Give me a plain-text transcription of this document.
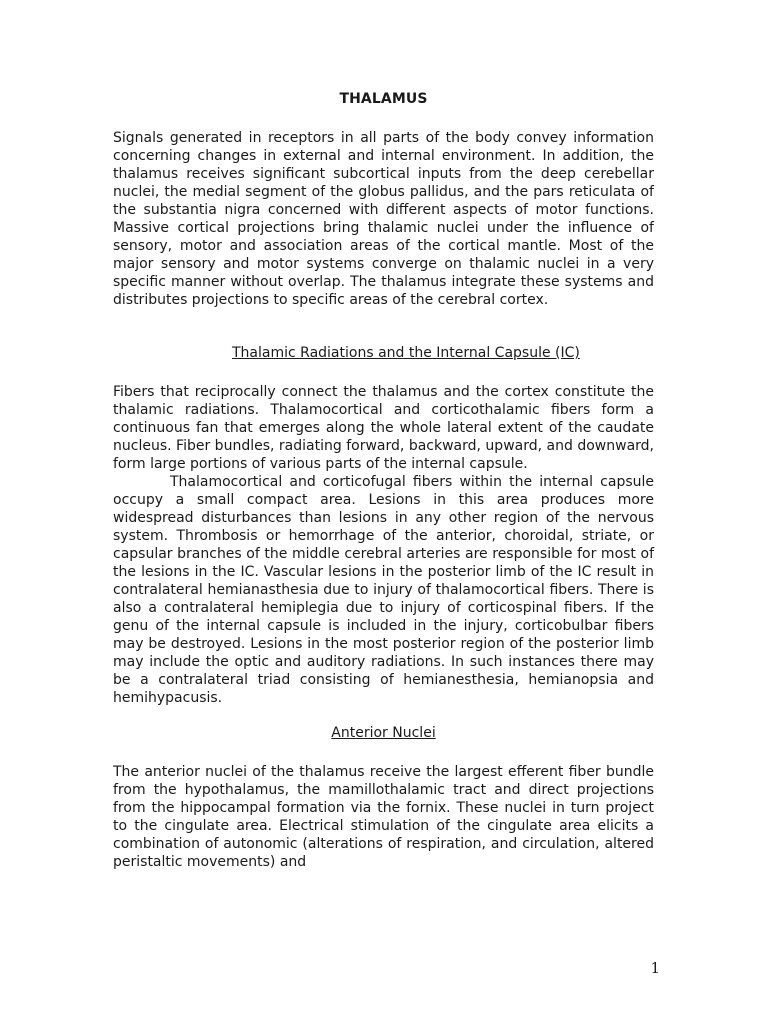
THALAMUS

Signals generated in receptors in all parts of the body convey information concerning changes in external and internal environment. In addition, the thalamus receives significant subcortical inputs from the deep cerebellar nuclei, the medial segment of the globus pallidus, and the pars reticulata of the substantia nigra concerned with different aspects of motor functions. Massive cortical projections bring thalamic nuclei under the influence of sensory, motor and association areas of the cortical mantle. Most of the major sensory and motor systems converge on thalamic nuclei in a very specific manner without overlap. The thalamus integrate these systems and distributes projections to specific areas of the cerebral cortex.

Thalamic Radiations and the Internal Capsule (IC)

Fibers that reciprocally connect the thalamus and the cortex constitute the thalamic radiations. Thalamocortical and corticothalamic fibers form a continuous fan that emerges along the whole lateral extent of the caudate nucleus. Fiber bundles, radiating forward, backward, upward, and downward, form large portions of various parts of the internal capsule.

Thalamocortical and corticofugal fibers within the internal capsule occupy a small compact area. Lesions in this area produces more widespread disturbances than lesions in any other region of the nervous system. Thrombosis or hemorrhage of the anterior, choroidal, striate, or capsular branches of the middle cerebral arteries are responsible for most of the lesions in the IC. Vascular lesions in the posterior limb of the IC result in contralateral hemianasthesia due to injury of thalamocortical fibers. There is also a contralateral hemiplegia due to injury of corticospinal fibers. If the genu of the internal capsule is included in the injury, corticobulbar fibers may be destroyed. Lesions in the most posterior region of the posterior limb may include the optic and auditory radiations. In such instances there may be a contralateral triad consisting of hemianesthesia, hemianopsia and hemihypacusis.

Anterior Nuclei

The anterior nuclei of the thalamus receive the largest efferent fiber bundle from the hypothalamus, the mamillothalamic tract and direct projections from the hippocampal formation via the fornix. These nuclei in turn project to the cingulate area. Electrical stimulation of the cingulate area elicits a combination of autonomic (alterations of respiration, and circulation, altered peristaltic movements) and

1
